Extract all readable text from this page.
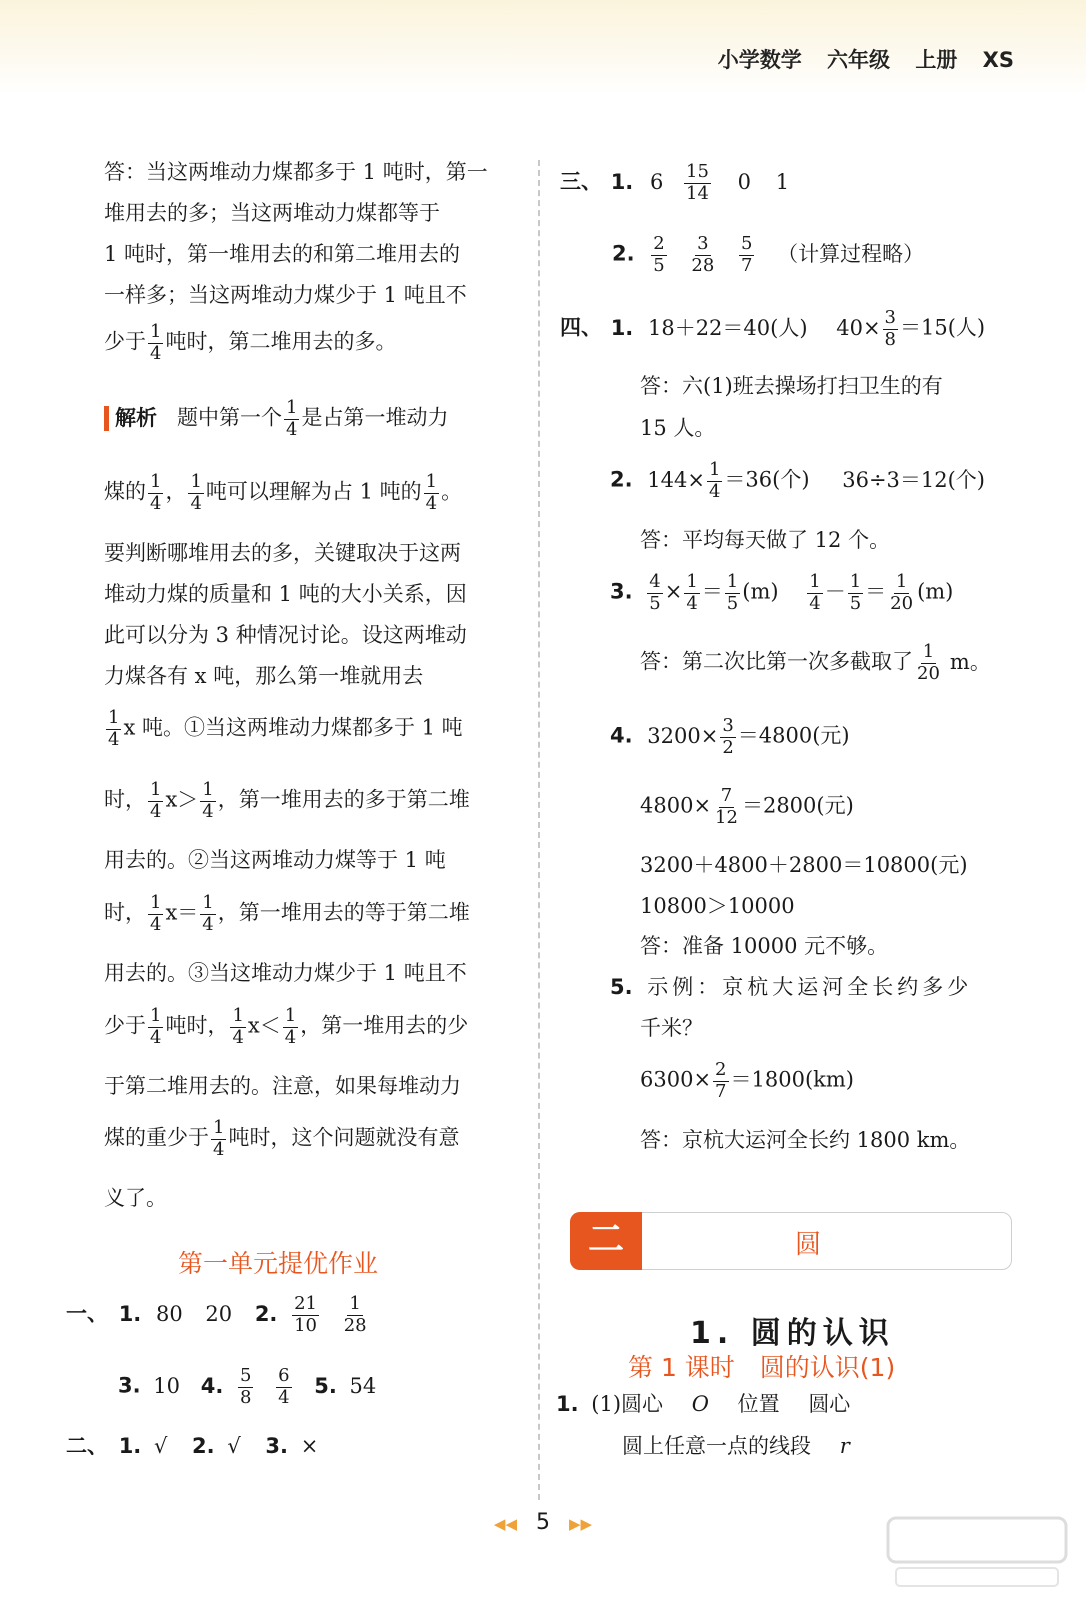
小学数学 六年级 上册 XS
答：当这两堆动力煤都多于 1 吨时，第一
堆用去的多；当这两堆动力煤都等于
1 吨时，第一堆用去的和第二堆用去的
一样多；当这两堆动力煤少于 1 吨且不
少于 $\frac{1}{4}$ 吨时，第二堆用去的多。
解析 题中第一个 $\frac{1}{4}$ 是占第一堆动力
煤的 $\frac{1}{4}$ ， $\frac{1}{4}$ 吨可以理解为占 1 吨的 $\frac{1}{4}$ 。
要判断哪堆用去的多，关键取决于这两
堆动力煤的质量和 1 吨的大小关系，因
此可以分为 3 种情况讨论。设这两堆动
力煤各有 x 吨，那么第一堆就用去
$\frac{1}{4}$ x 吨。①当这两堆动力煤都多于 1 吨
时， $\frac{1}{4} x> \frac{1}{4}$ ，第一堆用去的多于第二堆
用去的。②当这两堆动力煤等于 1 吨
时， $\frac{1}{4} x= \frac{1}{4}$ ，第一堆用去的等于第二堆
用去的。③当这堆动力煤少于 1 吨且不
少于 $\frac{1}{4}$ 吨时， $\frac{1}{4} x< \frac{1}{4}$ ，第一堆用去的少
于第二堆用去的。注意，如果每堆动力
煤的重少于 $\frac{1}{4}$ 吨时，这个问题就没有意
义了。
第一单元提优作业
一、 1. 80 20 2. $\frac{21}{10}$
$\frac{1}{28}$
3. 10 4. $\frac{5}{8}$
$\frac{6}{4} 5$. 54
二、 1. √ 2. √ 3. ×
三、 1. $6 \frac{15}{14} 0$ 1
2. $\frac{2}{5}$
$\frac{3}{28}$
$\frac{5}{7}$ （计算过程略）
四、 1. 18＋22＝40(人) $40\times \frac{3}{8} =15$(人)
答：六(1)班去操场打扫卫生的有
15 人。
2. $144\times \frac{1}{4} =36$(个) 36÷3＝12(个)
答：平均每天做了 12 个。
3. $\frac{4}{5} \times \frac{1}{4} = \frac{1}{5} (m) \frac{1}{4} - \frac{1}{5} = \frac{1}{20} (m)$
答：第二次比第一次多截取了 $\frac{1}{20}$ m。
4. $3200\times \frac{3}{2} =4800$(元)
$4800\times \frac{7}{12} =2800$(元)
3200＋4800＋2800＝10800(元)
10800＞10000
答：准备 10000 元不够。
5. 示例：京杭大运河全长约多少
千米？
$6300\times \frac{2}{7} =1800(km)$
答：京杭大运河全长约 1800 km。
二	圆
1. 圆的认识
第 1 课时　圆的认识(1)
1. (1)圆心 O 位置 圆心
圆上任意一点的线段 r
◀◀ 5 ▶▶
